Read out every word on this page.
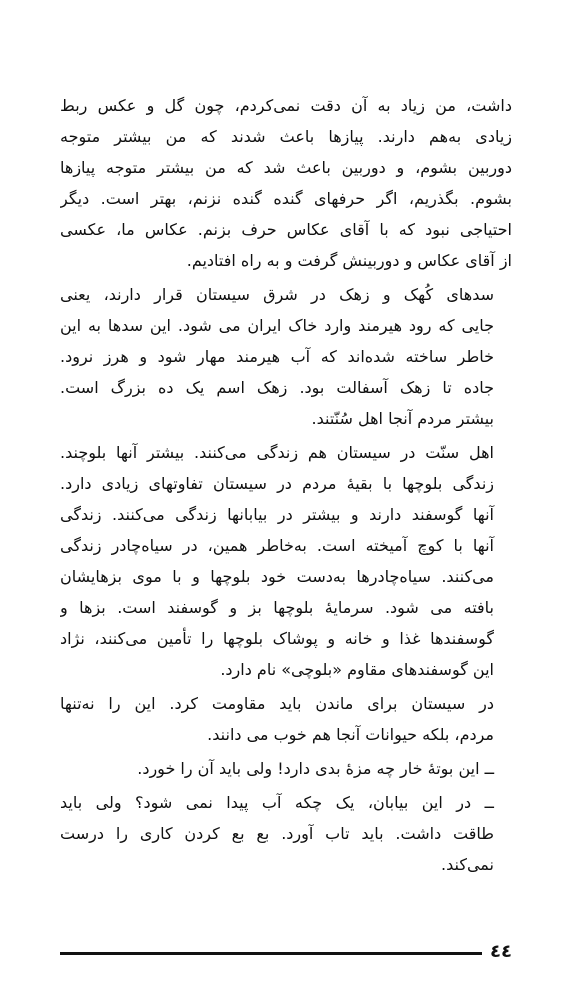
داشت، من زیاد به آن دقت نمی‌کردم، چون گل و عکس ربط
زیادی به‌هم دارند. پیازها باعث شدند که من بیشتر متوجه
دوربین بشوم، و دوربین باعث شد که من بیشتر متوجه پیازها
بشوم. بگذریم، اگر حرفهای گنده گنده نزنم، بهتر است. دیگر
احتیاجی نبود که با آقای عکاس حرف بزنم. عکاس ما، عکسی
از آقای عکاس و دوربینش گرفت و به راه افتادیم.
سدهای کُهک و زهک در شرق سیستان قرار دارند، یعنی
جایی که رود هیرمند وارد خاک ایران می شود. این سدها به این
خاطر ساخته شده‌اند که آب هیرمند مهار شود و هرز نرود.
جاده تا زهک آسفالت بود. زهک اسم یک ده بزرگ است.
بیشتر مردم آنجا اهل سُنّتند.
اهل سنّت در سیستان هم زندگی می‌کنند. بیشتر آنها بلوچند.
زندگی بلوچها با بقیهٔ مردم در سیستان تفاوتهای زیادی دارد.
آنها گوسفند دارند و بیشتر در بیابانها زندگی می‌کنند. زندگی
آنها با کوچ آمیخته است. به‌خاطر همین، در سیاه‌چادر زندگی
می‌کنند. سیاه‌چادرها به‌دست خود بلوچها و با موی بزهایشان
بافته می شود. سرمایهٔ بلوچها بز و گوسفند است. بزها و
گوسفندها غذا و خانه و پوشاک بلوچها را تأمین می‌کنند، نژاد
این گوسفندهای مقاوم «بلوچی» نام دارد.
در سیستان برای ماندن باید مقاومت کرد. این را نه‌تنها
مردم، بلکه حیوانات آنجا هم خوب می دانند.
ــ این بوتهٔ خار چه مزهٔ بدی دارد! ولی باید آن را خورد.
ــ در این بیابان، یک چکه آب پیدا نمی شود؟ ولی باید
طاقت داشت. باید تاب آورد. بع بع کردن کاری را درست
نمی‌کند.
٤٤
